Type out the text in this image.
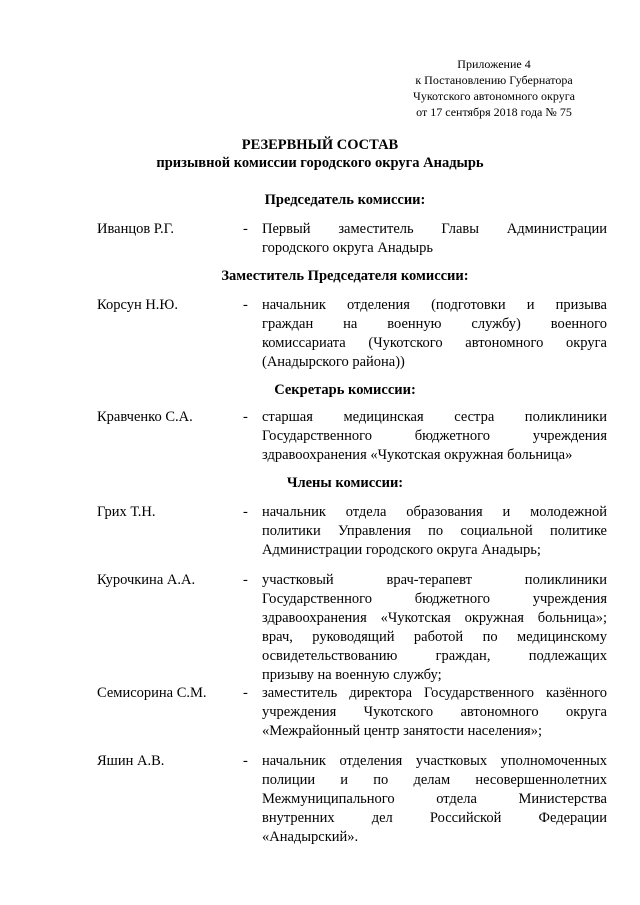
Приложение 4
к Постановлению Губернатора
Чукотского автономного округа
от 17 сентября 2018 года № 75
РЕЗЕРВНЫЙ СОСТАВ
призывной комиссии городского округа Анадырь
Председатель комиссии:
Иванцов Р.Г.	- Первый заместитель Главы Администрации
городского округа Анадырь
Заместитель Председателя комиссии:
Корсун Н.Ю.	- начальник отделения (подготовки и призыва
граждан на военную службу) военного
комиссариата (Чукотского автономного округа
(Анадырского района))
Секретарь комиссии:
Кравченко С.А.	- старшая медицинская сестра поликлиники
Государственного бюджетного учреждения
здравоохранения «Чукотская окружная больница»
Члены комиссии:
Грих Т.Н.	- начальник отдела образования и молодежной
политики Управления по социальной политике
Администрации городского округа Анадырь;
Курочкина А.А.	- участковый врач-терапевт поликлиники
Государственного бюджетного учреждения
здравоохранения «Чукотская окружная больница»;
врач, руководящий работой по медицинскому
освидетельствованию граждан, подлежащих
призыву на военную службу;
Семисорина С.М.	- заместитель директора Государственного казённого
учреждения Чукотского автономного округа
«Межрайонный центр занятости населения»;
Яшин А.В.	- начальник отделения участковых уполномоченных
полиции и по делам несовершеннолетних
Межмуниципального отдела Министерства
внутренних дел Российской Федерации
«Анадырский».
